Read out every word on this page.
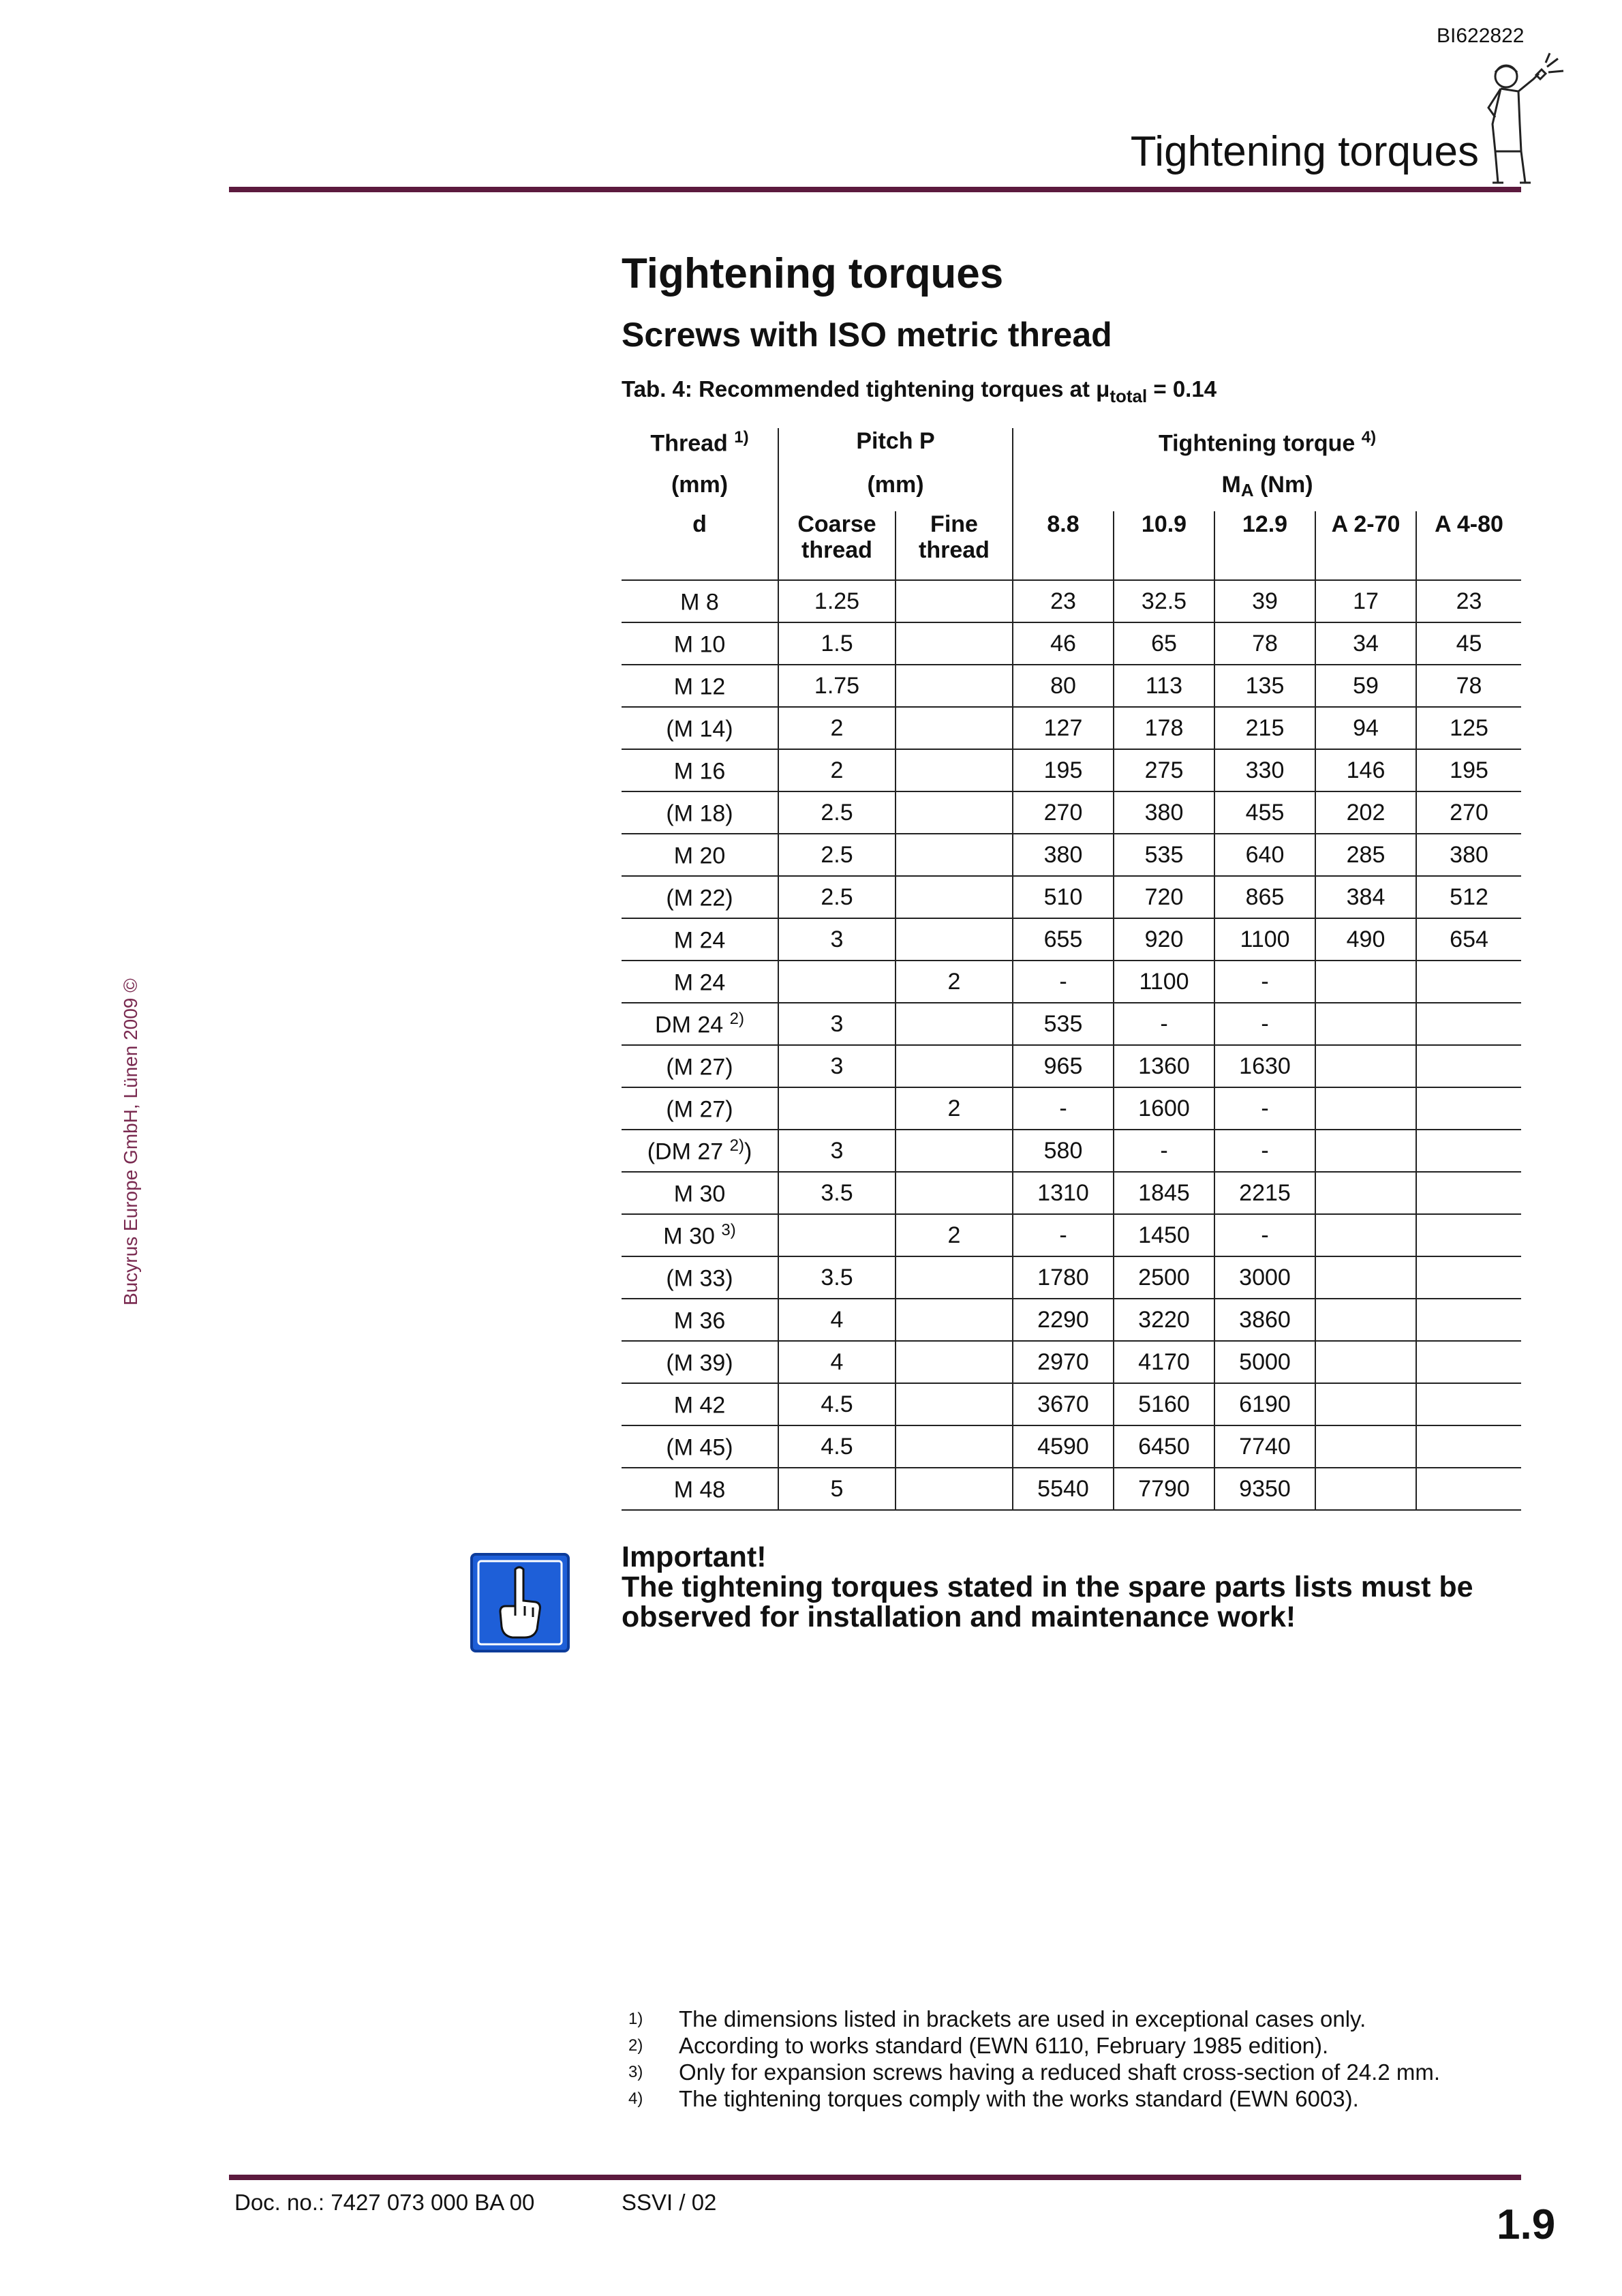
BI622822
Tightening torques
Bucyrus Europe GmbH, Lünen 2009 ©
Tightening torques
Screws with ISO metric thread
Tab. 4: Recommended tightening torques at $\mu_{total} = 0.14$
Thread $^{1)}$	Pitch P		Tightening torque $^{4)}$
(mm)	(mm)		MA (Nm)				
d	Coarse thread	Fine thread	8.8	10.9	12.9	A 2-70	A 4-80
M 8	1.25		23	32.5	39	17	23
M 10	1.5		46	65	78	34	45
M 12	1.75		80	113	135	59	78
(M 14)	2		127	178	215	94	125
M 16	2		195	275	330	146	195
(M 18)	2.5		270	380	455	202	270
M 20	2.5		380	535	640	285	380
(M 22)	2.5		510	720	865	384	512
M 24	3		655	920	1100	490	654
M 24		2	-	1100	-		
DM 24 $^{2)}$	3		535	-	-		
(M 27)	3		965	1360	1630		
(M 27)		2	-	1600	-		
(DM 27 $^{2)}$)	3		580	-	-		
M 30	3.5		1310	1845	2215		
M 30 $^{3)}$		2	-	1450	-		
(M 33)	3.5		1780	2500	3000		
M 36	4		2290	3220	3860		
(M 39)	4		2970	4170	5000		
M 42	4.5		3670	5160	6190		
(M 45)	4.5		4590	6450	7740		
M 48	5		5540	7790	9350		
Important!
The tightening torques stated in the spare parts lists must be observed for installation and maintenance work!
1)	The dimensions listed in brackets are used in exceptional cases only.
2)	According to works standard (EWN 6110, February 1985 edition).
3)	Only for expansion screws having a reduced shaft cross-section of 24.2 mm.
4)	The tightening torques comply with the works standard (EWN 6003).
Doc. no.: 7427 073 000 BA 00	SSVI / 02	1.9
